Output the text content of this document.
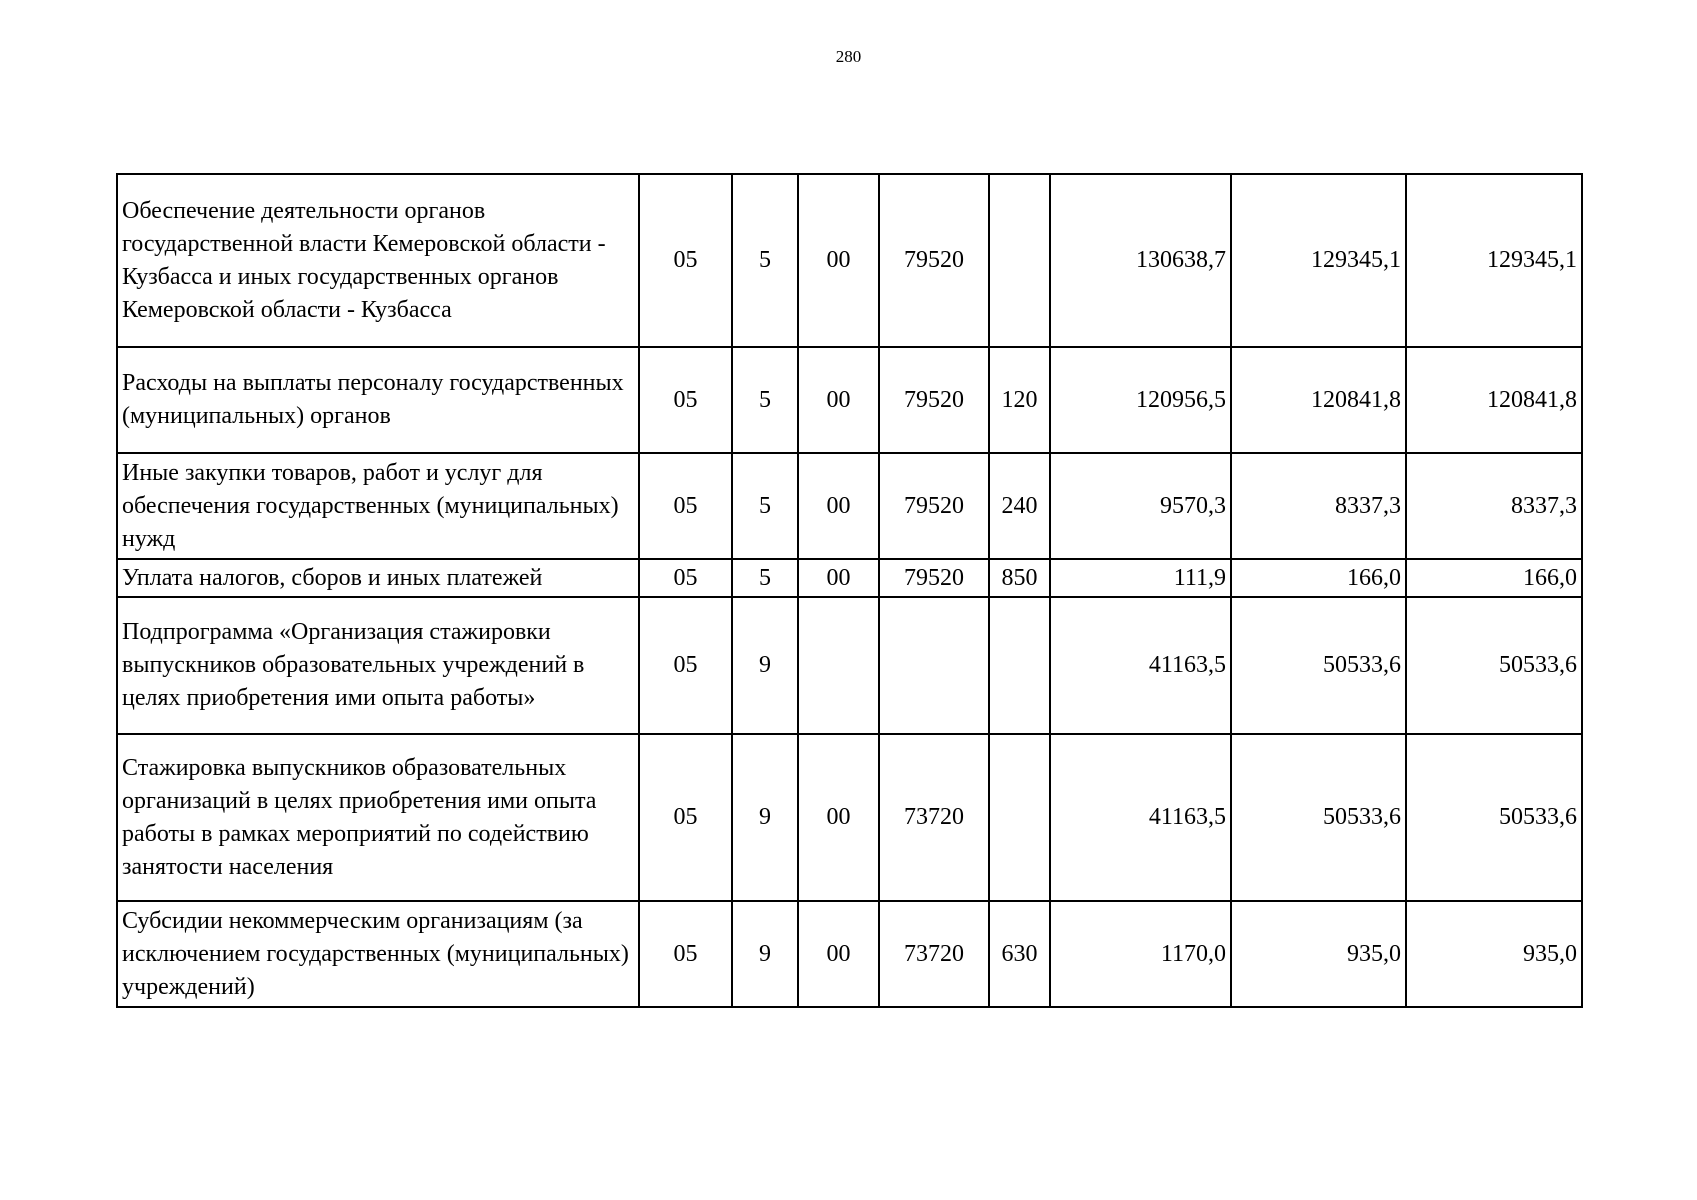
280
Обеспечение деятельности органов государственной власти Кемеровской области - Кузбасса и иных государственных органов Кемеровской области - Кузбасса	05	5	00	79520		130638,7	129345,1	129345,1
Расходы на выплаты персоналу государственных (муниципальных) органов	05	5	00	79520	120	120956,5	120841,8	120841,8
Иные закупки товаров, работ и услуг для обеспечения государственных (муниципальных) нужд	05	5	00	79520	240	9570,3	8337,3	8337,3
Уплата налогов, сборов и иных платежей	05	5	00	79520	850	111,9	166,0	166,0
Подпрограмма «Организация стажировки выпускников образовательных учреждений в целях приобретения ими опыта работы»	05	9				41163,5	50533,6	50533,6
Стажировка выпускников образовательных организаций в целях приобретения ими опыта работы в рамках мероприятий по содействию занятости населения	05	9	00	73720		41163,5	50533,6	50533,6
Субсидии некоммерческим организациям (за исключением государственных (муниципальных) учреждений)	05	9	00	73720	630	1170,0	935,0	935,0
